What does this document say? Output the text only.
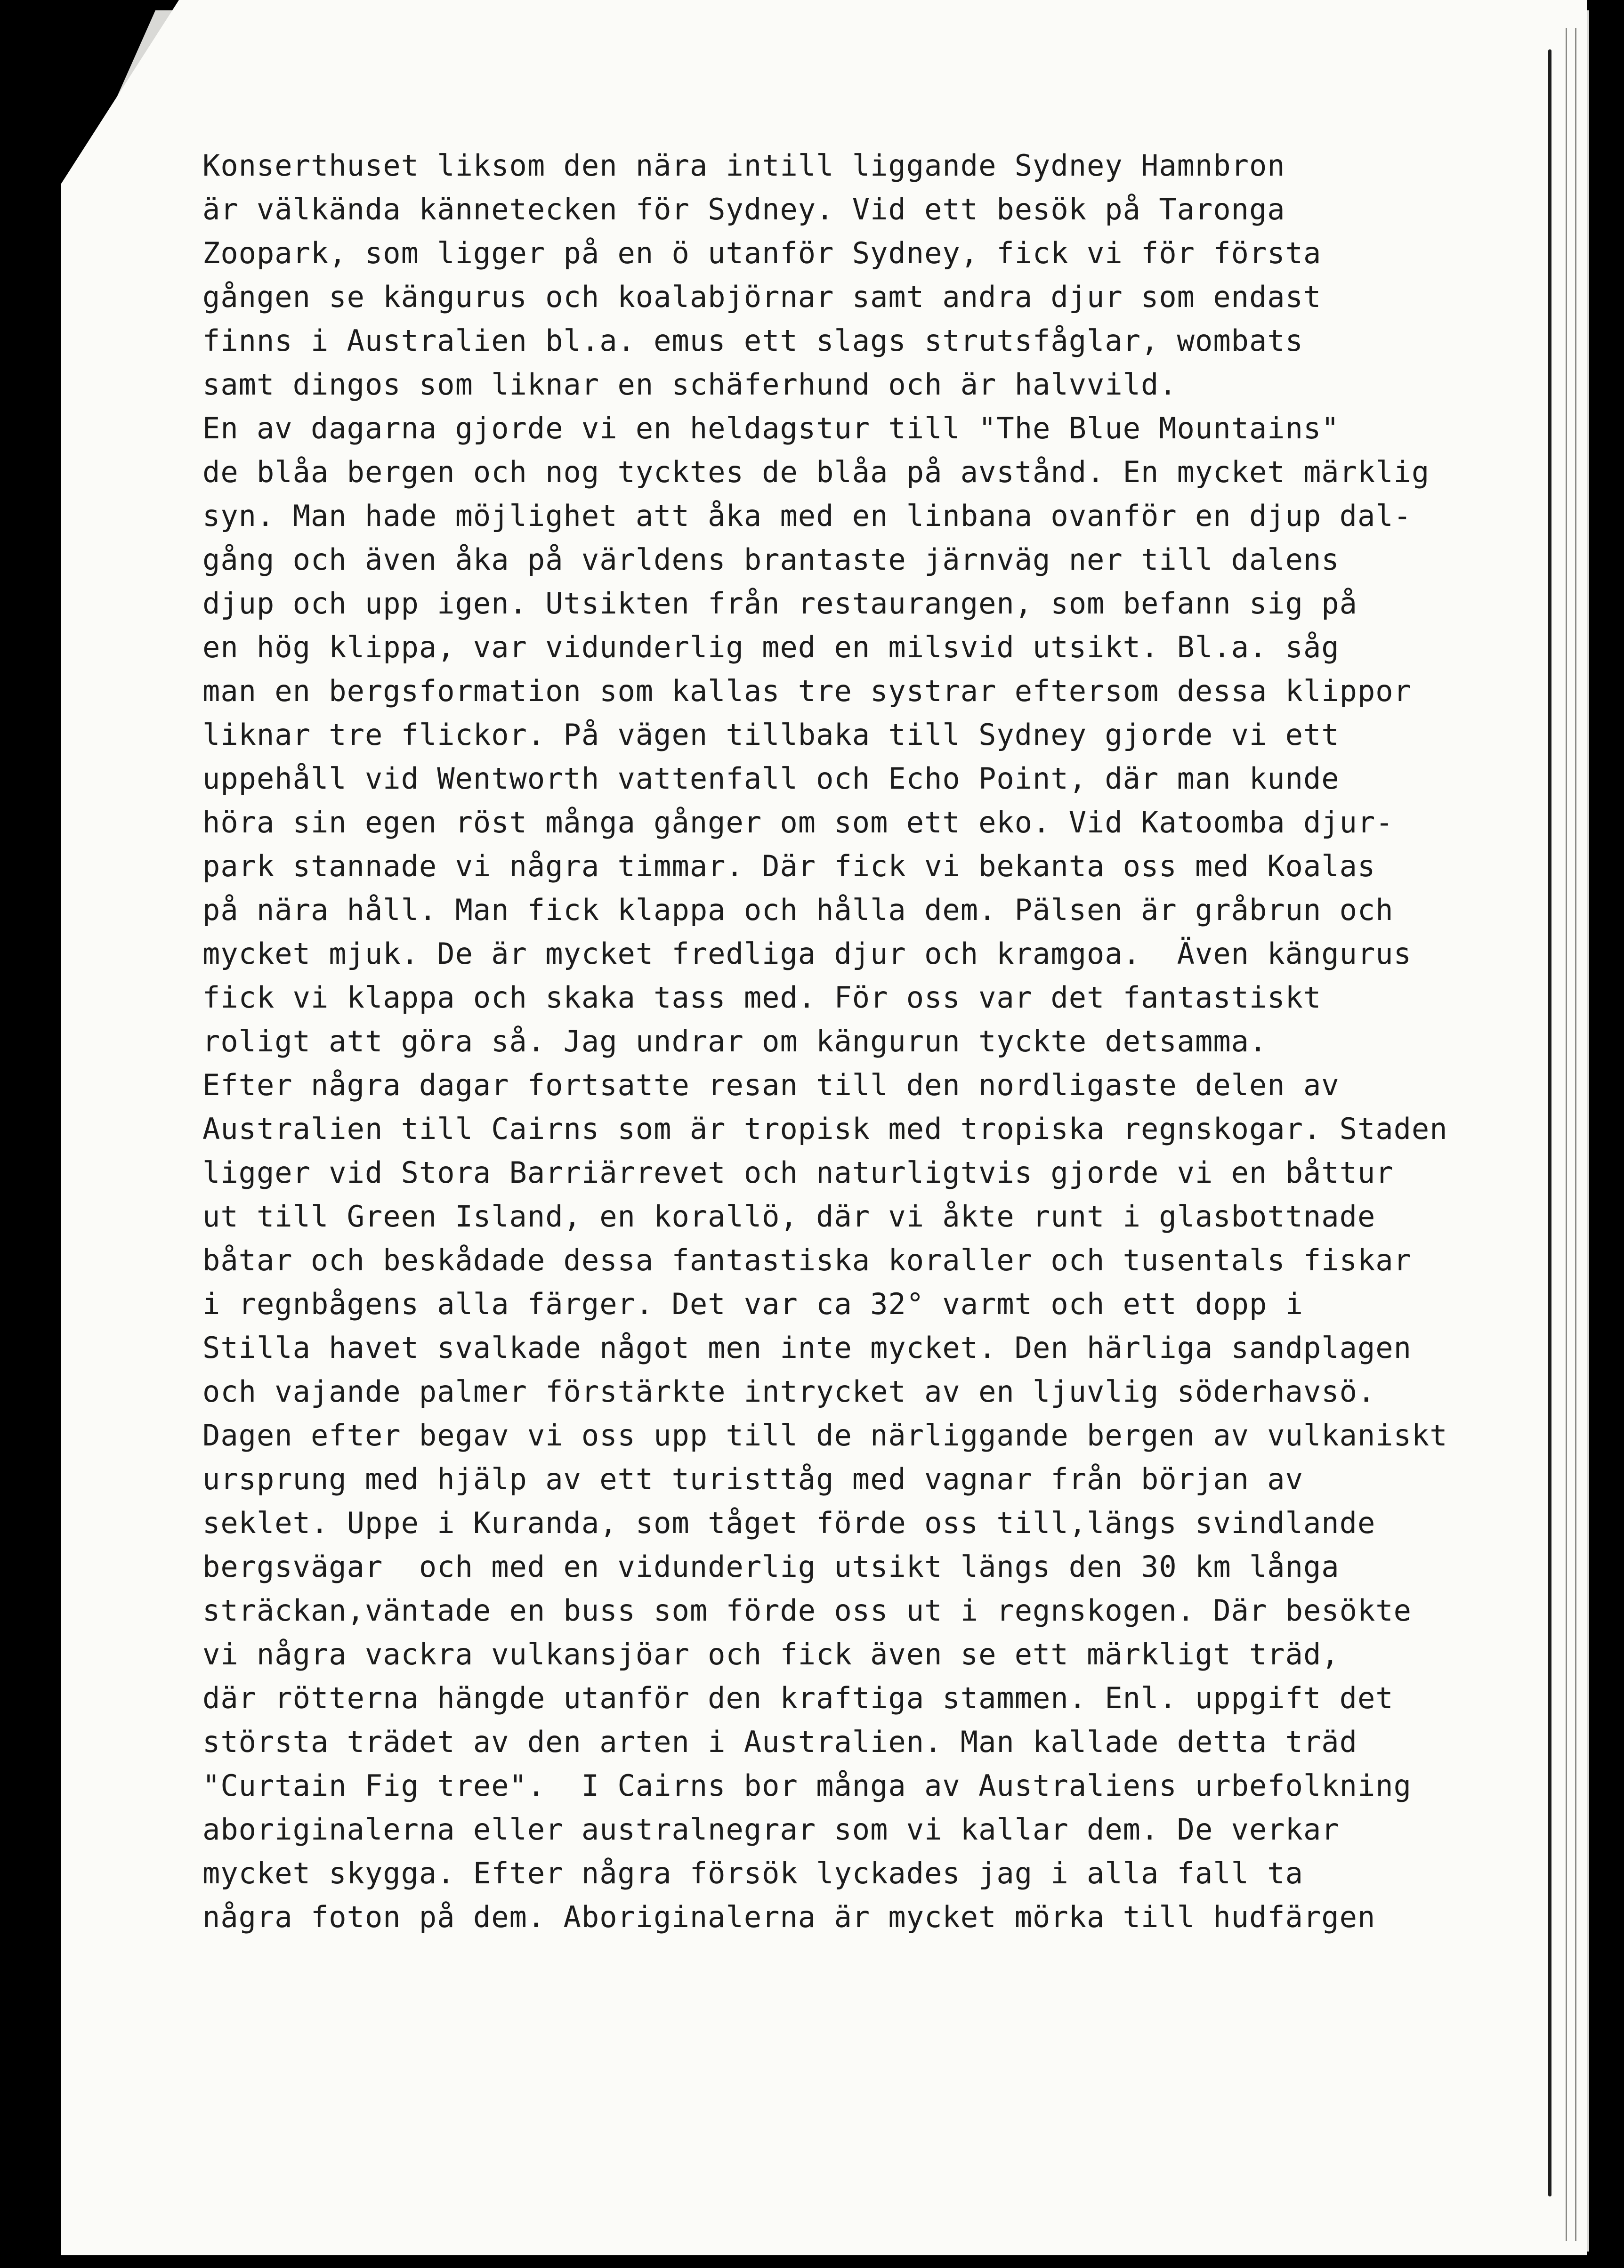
Konserthuset liksom den nära intill liggande Sydney Hamnbron
är välkända kännetecken för Sydney. Vid ett besök på Taronga
Zoopark, som ligger på en ö utanför Sydney, fick vi för första
gången se kängurus och koalabjörnar samt andra djur som endast
finns i Australien bl.a. emus ett slags strutsfåglar, wombats
samt dingos som liknar en schäferhund och är halvvild.
En av dagarna gjorde vi en heldagstur till "The Blue Mountains"
de blåa bergen och nog tycktes de blåa på avstånd. En mycket märklig
syn. Man hade möjlighet att åka med en linbana ovanför en djup dal-
gång och även åka på världens brantaste järnväg ner till dalens
djup och upp igen. Utsikten från restaurangen, som befann sig på
en hög klippa, var vidunderlig med en milsvid utsikt. Bl.a. såg
man en bergsformation som kallas tre systrar eftersom dessa klippor
liknar tre flickor. På vägen tillbaka till Sydney gjorde vi ett
uppehåll vid Wentworth vattenfall och Echo Point, där man kunde
höra sin egen röst många gånger om som ett eko. Vid Katoomba djur-
park stannade vi några timmar. Där fick vi bekanta oss med Koalas
på nära håll. Man fick klappa och hålla dem. Pälsen är gråbrun och
mycket mjuk. De är mycket fredliga djur och kramgoa.  Även kängurus
fick vi klappa och skaka tass med. För oss var det fantastiskt
roligt att göra så. Jag undrar om kängurun tyckte detsamma.
Efter några dagar fortsatte resan till den nordligaste delen av
Australien till Cairns som är tropisk med tropiska regnskogar. Staden
ligger vid Stora Barriärrevet och naturligtvis gjorde vi en båttur
ut till Green Island, en korallö, där vi åkte runt i glasbottnade
båtar och beskådade dessa fantastiska koraller och tusentals fiskar
i regnbågens alla färger. Det var ca 32° varmt och ett dopp i
Stilla havet svalkade något men inte mycket. Den härliga sandplagen
och vajande palmer förstärkte intrycket av en ljuvlig söderhavsö.
Dagen efter begav vi oss upp till de närliggande bergen av vulkaniskt
ursprung med hjälp av ett turisttåg med vagnar från början av
seklet. Uppe i Kuranda, som tåget förde oss till,längs svindlande
bergsvägar  och med en vidunderlig utsikt längs den 30 km långa
sträckan,väntade en buss som förde oss ut i regnskogen. Där besökte
vi några vackra vulkansjöar och fick även se ett märkligt träd,
där rötterna hängde utanför den kraftiga stammen. Enl. uppgift det
största trädet av den arten i Australien. Man kallade detta träd
"Curtain Fig tree".  I Cairns bor många av Australiens urbefolkning
aboriginalerna eller australnegrar som vi kallar dem. De verkar
mycket skygga. Efter några försök lyckades jag i alla fall ta
några foton på dem. Aboriginalerna är mycket mörka till hudfärgen
